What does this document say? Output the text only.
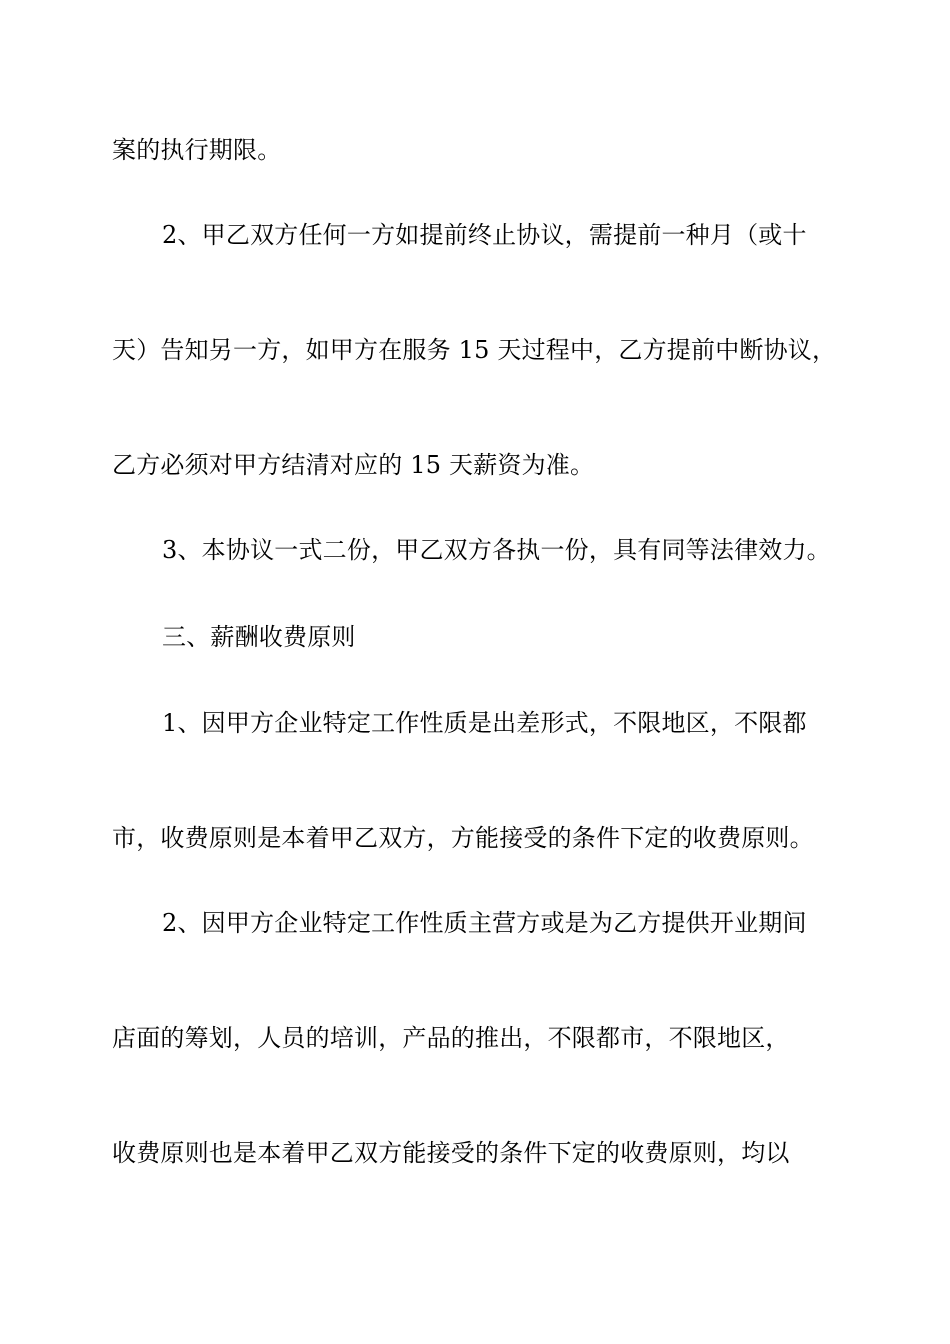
案的执行期限。
2、甲乙双方任何一方如提前终止协议，需提前一种月（或十
天）告知另一方，如甲方在服务 15 天过程中，乙方提前中断协议，
乙方必须对甲方结清对应的 15 天薪资为准。
3、本协议一式二份，甲乙双方各执一份，具有同等法律效力。
三、薪酬收费原则
1、因甲方企业特定工作性质是出差形式，不限地区，不限都
市，收费原则是本着甲乙双方，方能接受的条件下定的收费原则。
2、因甲方企业特定工作性质主营方或是为乙方提供开业期间
店面的筹划，人员的培训，产品的推出，不限都市，不限地区，
收费原则也是本着甲乙双方能接受的条件下定的收费原则，均以
